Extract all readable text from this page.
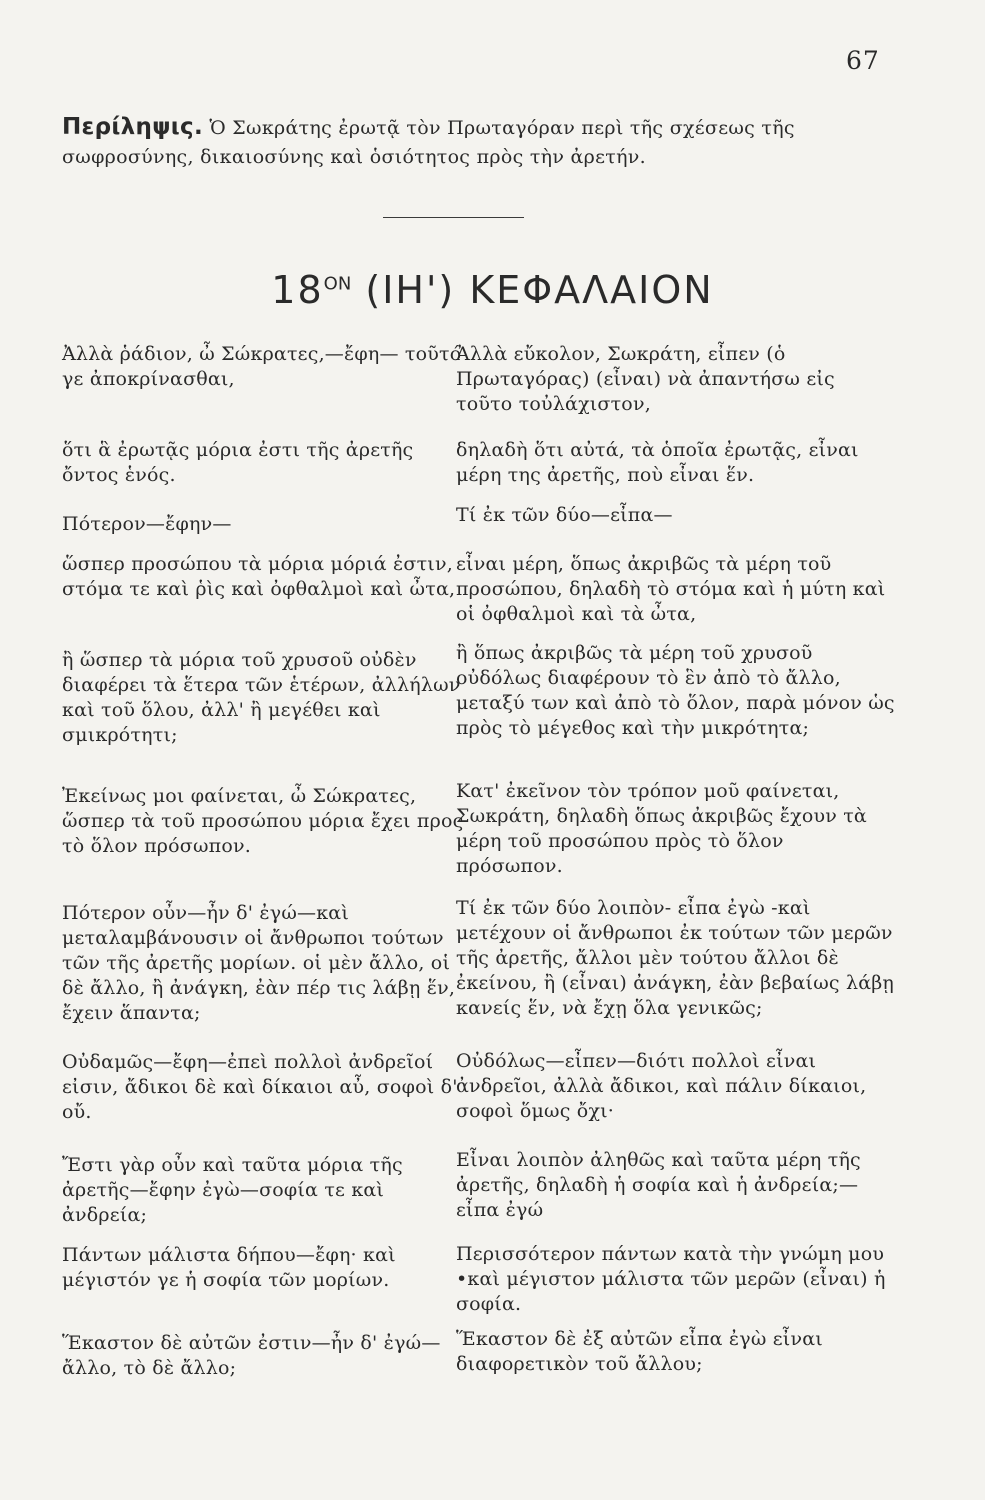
67
Περίληψις. Ὁ Σωκράτης ἐρωτᾷ τὸν Πρωταγόραν περὶ τῆς σχέσεως τῆς σωφροσύνης, δικαιοσύνης καὶ ὁσιότητος πρὸς τὴν ἀρετήν.
$18^{ON}$ (ΙΗ') ΚΕΦΑΛΑΙΟΝ

Ἀλλὰ ῥάδιον, ὦ Σώκρατες,—ἔφη— τοῦτό γε ἀποκρίνασθαι,

ὅτι ἃ ἐρωτᾷς μόρια ἐστι τῆς ἀρετῆς ὄντος ἑνός.

Πότερον—ἔφην—

ὥσπερ προσώπου τὰ μόρια μόριά ἐστιν, στόμα τε καὶ ῥὶς καὶ ὀφθαλμοὶ καὶ ὦτα,

ἢ ὥσπερ τὰ μόρια τοῦ χρυσοῦ οὐδὲν διαφέρει τὰ ἕτερα τῶν ἑτέρων, ἀλλήλων καὶ τοῦ ὅλου, ἀλλ' ἢ μεγέθει καὶ σμικρότητι;

Ἐκείνως μοι φαίνεται, ὦ Σώκρατες, ὥσπερ τὰ τοῦ προσώπου μόρια ἔχει προς τὸ ὅλον πρόσωπον.

Πότερον οὖν—ἦν δ' ἐγώ—καὶ μεταλαμβάνουσιν οἱ ἄνθρωποι τούτων τῶν τῆς ἀρετῆς μορίων. οἱ μὲν ἄλλο, οἱ δὲ ἄλλο, ἢ ἀνάγκη, ἐὰν πέρ τις λάβῃ ἕν, ἔχειν ἅπαντα;

Οὐδαμῶς—ἔφη—ἐπεὶ πολλοὶ ἀνδρεῖοί εἰσιν, ἄδικοι δὲ καὶ δίκαιοι αὖ, σοφοὶ δ' οὔ.

Ἔστι γὰρ οὖν καὶ ταῦτα μόρια τῆς ἀρετῆς—ἔφην ἐγὼ—σοφία τε καὶ ἀνδρεία;

Πάντων μάλιστα δήπου—ἔφη· καὶ μέγιστόν γε ἡ σοφία τῶν μορίων.

Ἕκαστον δὲ αὐτῶν ἐστιν—ἦν δ' ἐγώ—ἄλλο, τὸ δὲ ἄλλο;

Ἀλλὰ εὔκολον, Σωκράτη, εἶπεν (ὁ Πρωταγόρας) (εἶναι) νὰ ἀπαντήσω εἰς τοῦτο τοὐλάχιστον,

δηλαδὴ ὅτι αὐτά, τὰ ὁποῖα ἐρωτᾷς, εἶναι μέρη της ἀρετῆς, ποὺ εἶναι ἕν.

Τί ἐκ τῶν δύο—εἶπα—

εἶναι μέρη, ὅπως ἀκριβῶς τὰ μέρη τοῦ προσώπου, δηλαδὴ τὸ στόμα καὶ ἡ μύτη καὶ οἱ ὀφθαλμοὶ καὶ τὰ ὦτα,

ἢ ὅπως ἀκριβῶς τὰ μέρη τοῦ χρυσοῦ οὐδόλως διαφέρουν τὸ ἓν ἀπὸ τὸ ἄλλο, μεταξύ των καὶ ἀπὸ τὸ ὅλον, παρὰ μόνον ὡς πρὸς τὸ μέγεθος καὶ τὴν μικρότητα;

Κατ' ἐκεῖνον τὸν τρόπον μοῦ φαίνεται, Σωκράτη, δηλαδὴ ὅπως ἀκριβῶς ἔχουν τὰ μέρη τοῦ προσώπου πρὸς τὸ ὅλον πρόσωπον.

Τί ἐκ τῶν δύο λοιπὸν- εἶπα ἐγὼ -καὶ μετέχουν οἱ ἄνθρωποι ἐκ τούτων τῶν μερῶν τῆς ἀρετῆς, ἄλλοι μὲν τούτου ἄλλοι δὲ ἐκείνου, ἢ (εἶναι) ἀνάγκη, ἐὰν βεβαίως λάβῃ κανείς ἕν, νὰ ἔχῃ ὅλα γενικῶς;

Οὐδόλως—εἶπεν—διότι πολλοὶ εἶναι ἀνδρεῖοι, ἀλλὰ ἄδικοι, καὶ πάλιν δίκαιοι, σοφοὶ ὅμως ὄχι·

Εἶναι λοιπὸν ἀληθῶς καὶ ταῦτα μέρη τῆς ἀρετῆς, δηλαδὴ ἡ σοφία καὶ ἡ ἀνδρεία;—εἶπα ἐγώ

Περισσότερον πάντων κατὰ τὴν γνώμη μου •καὶ μέγιστον μάλιστα τῶν μερῶν (εἶναι) ἡ σοφία.

Ἕκαστον δὲ ἐξ αὐτῶν εἶπα ἐγὼ εἶναι διαφορετικὸν τοῦ ἄλλου;
